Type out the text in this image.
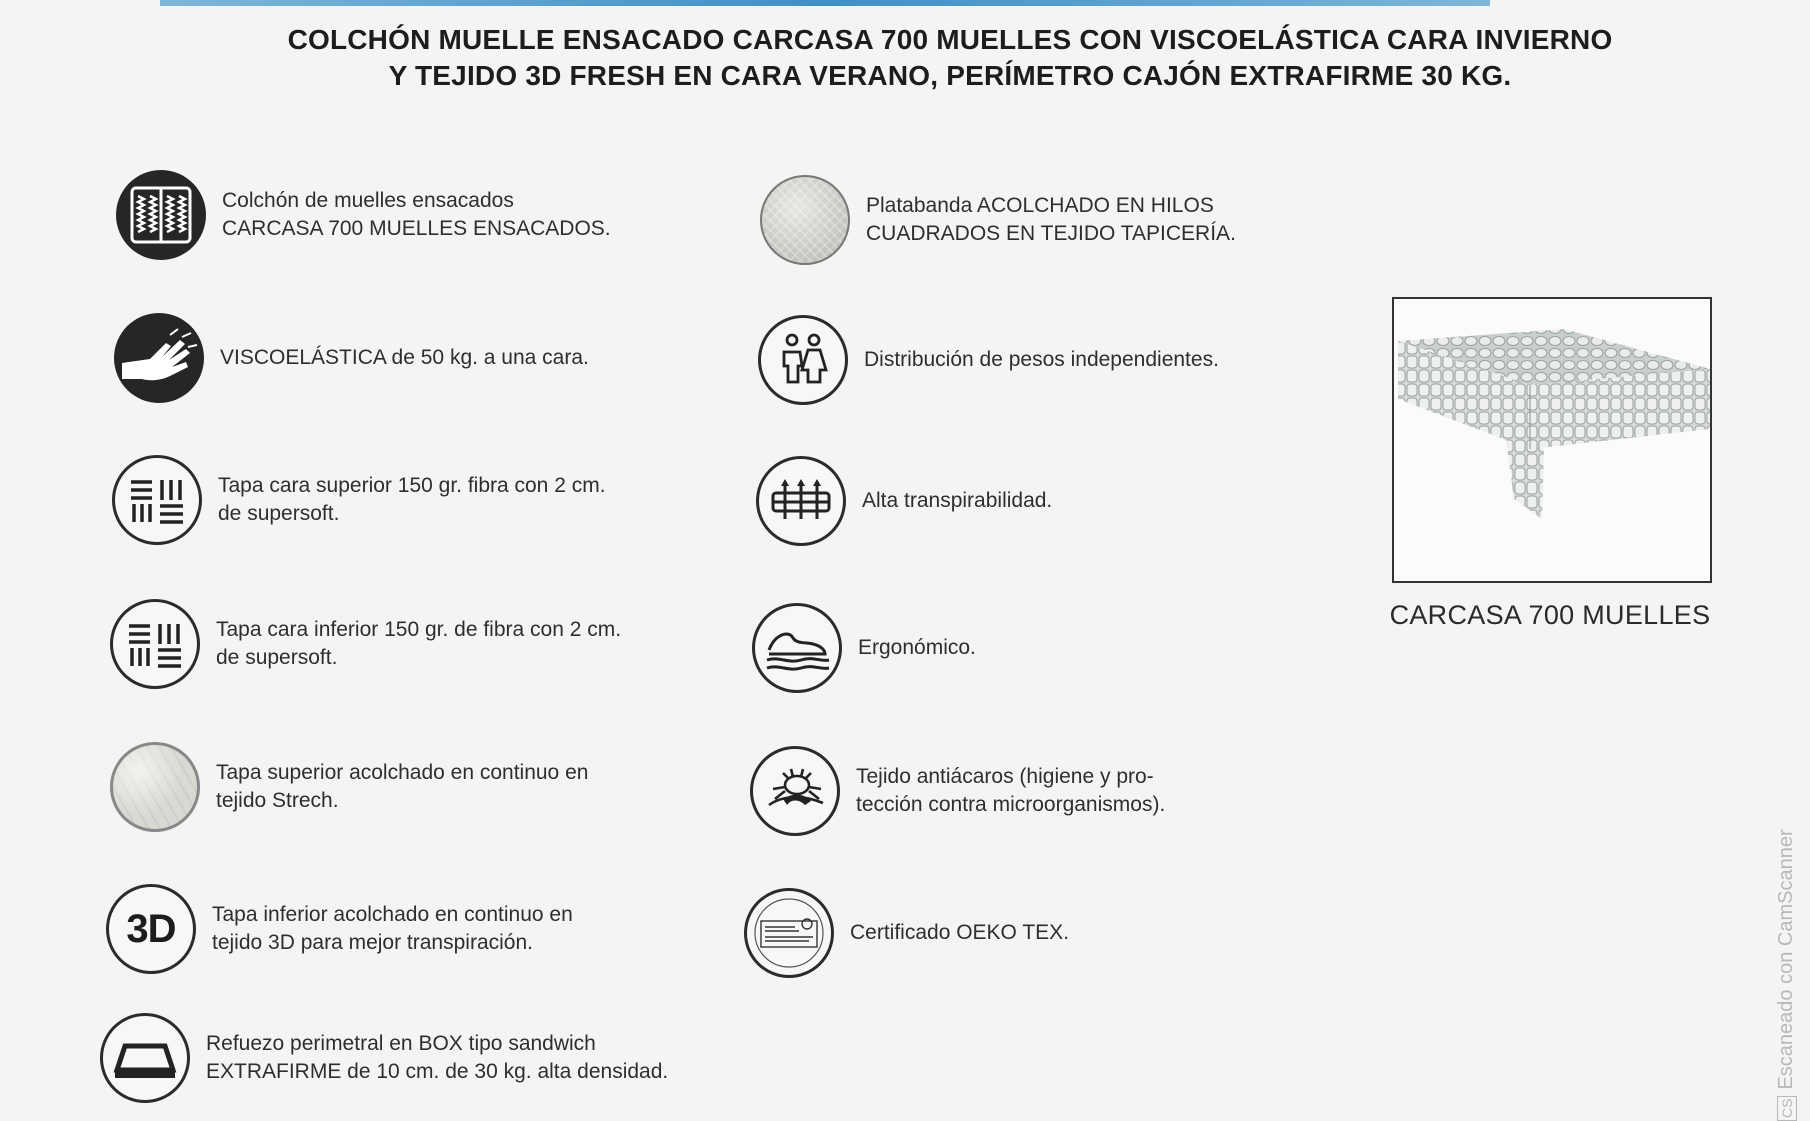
COLCHÓN MUELLE ENSACADO CARCASA 700 MUELLES CON VISCOELÁSTICA CARA INVIERNO
Y TEJIDO 3D FRESH EN CARA VERANO, PERÍMETRO CAJÓN EXTRAFIRME 30 KG.
Colchón de muelles ensacados
CARCASA 700 MUELLES ENSACADOS.
VISCOELÁSTICA de 50 kg. a una cara.
Tapa cara superior 150 gr. fibra con 2 cm.
de supersoft.
Tapa cara inferior 150 gr. de fibra con 2 cm.
de supersoft.
Tapa superior acolchado en continuo en
tejido Strech.
3D Tapa inferior acolchado en continuo en
tejido 3D para mejor transpiración.
Refuezo perimetral en BOX tipo sandwich
EXTRAFIRME de 10 cm. de 30 kg. alta densidad.
Platabanda ACOLCHADO EN HILOS
CUADRADOS EN TEJIDO TAPICERÍA.
Distribución de pesos independientes.
Alta transpirabilidad.
Ergonómico.
Tejido antiácaros (higiene y pro-
tección contra microorganismos).
Certificado OEKO TEX.
CARCASA 700 MUELLES
CSEscaneado con CamScanner
